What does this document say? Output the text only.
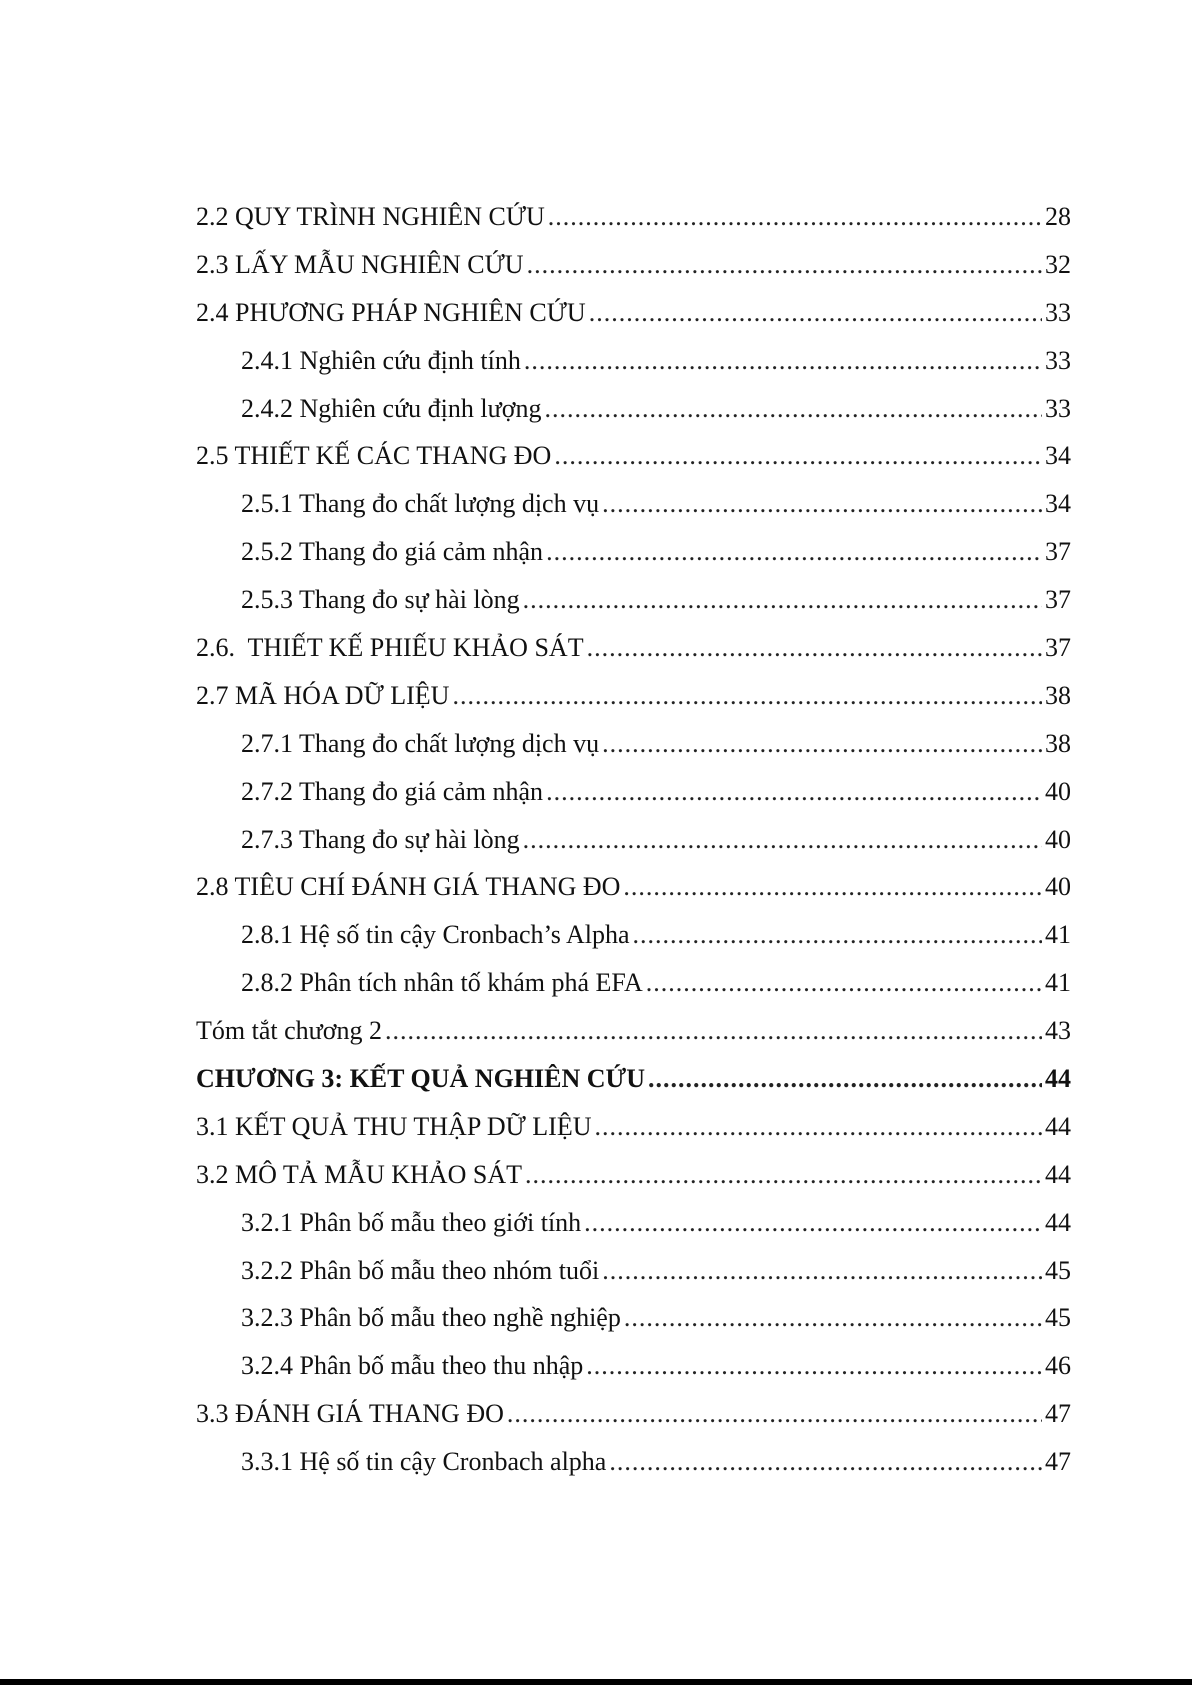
2.2 QUY TRÌNH NGHIÊN CỨU .....	28
2.3 LẤY MẪU NGHIÊN CỨU .....	32
2.4 PHƯƠNG PHÁP NGHIÊN CỨU .....	33
2.4.1 Nghiên cứu định tính .....	33
2.4.2 Nghiên cứu định lượng .....	33
2.5 THIẾT KẾ CÁC THANG ĐO .....	34
2.5.1 Thang đo chất lượng dịch vụ .....	34
2.5.2 Thang đo giá cảm nhận .....	37
2.5.3 Thang đo sự hài lòng .....	37
2.6.  THIẾT KẾ PHIẾU KHẢO SÁT .....	37
2.7 MÃ HÓA DỮ LIỆU .....	38
2.7.1 Thang đo chất lượng dịch vụ .....	38
2.7.2 Thang đo giá cảm nhận .....	40
2.7.3 Thang đo sự hài lòng .....	40
2.8 TIÊU CHÍ ĐÁNH GIÁ THANG ĐO .....	40
2.8.1 Hệ số tin cậy Cronbach’s Alpha .....	41
2.8.2 Phân tích nhân tố khám phá EFA .....	41
Tóm tắt chương 2 .....	43
CHƯƠNG 3: KẾT QUẢ NGHIÊN CỨU .....	44
3.1 KẾT QUẢ THU THẬP DỮ LIỆU .....	44
3.2 MÔ TẢ MẪU KHẢO SÁT .....	44
3.2.1 Phân bố mẫu theo giới tính .....	44
3.2.2 Phân bố mẫu theo nhóm tuổi .....	45
3.2.3 Phân bố mẫu theo nghề nghiệp .....	45
3.2.4 Phân bố mẫu theo thu nhập .....	46
3.3 ĐÁNH GIÁ THANG ĐO .....	47
3.3.1 Hệ số tin cậy Cronbach alpha .....	47
